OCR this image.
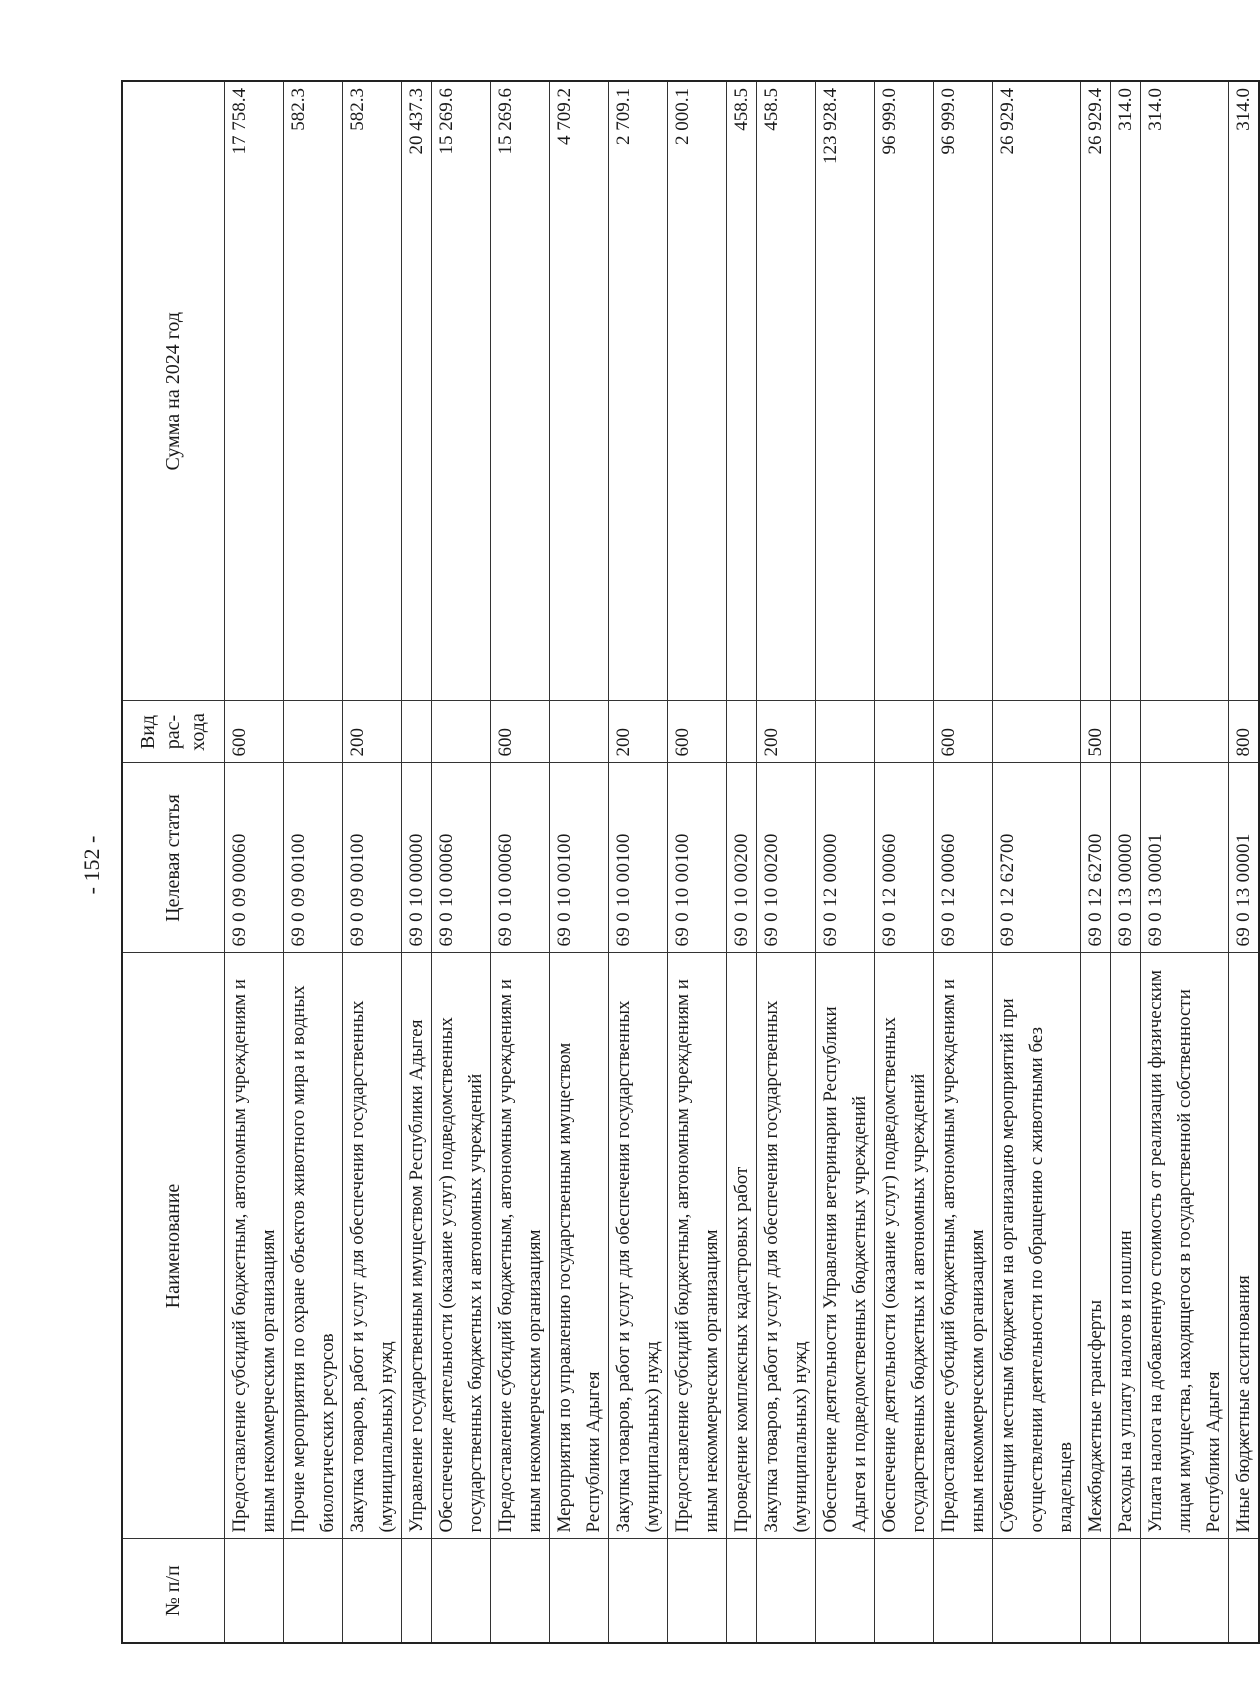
- 152 -
№ п/п	Наименование	Целевая статья	Вид рас-хода	Сумма на 2024 год
	Предоставление субсидий бюджетным, автономным учреждениям и иным некоммерческим организациям	69 0 09 00060	600	17 758.4
	Прочие мероприятия по охране объектов животного мира и водных биологических ресурсов	69 0 09 00100		582.3
	Закупка товаров, работ и услуг для обеспечения государственных (муниципальных) нужд	69 0 09 00100	200	582.3
	Управление государственным имуществом Республики Адыгея	69 0 10 00000		20 437.3
	Обеспечение деятельности (оказание услуг) подведомственных государственных бюджетных и автономных учреждений	69 0 10 00060		15 269.6
	Предоставление субсидий бюджетным, автономным учреждениям и иным некоммерческим организациям	69 0 10 00060	600	15 269.6
	Мероприятия по управлению государственным имуществом Республики Адыгея	69 0 10 00100		4 709.2
	Закупка товаров, работ и услуг для обеспечения государственных (муниципальных) нужд	69 0 10 00100	200	2 709.1
	Предоставление субсидий бюджетным, автономным учреждениям и иным некоммерческим организациям	69 0 10 00100	600	2 000.1
	Проведение комплексных кадастровых работ	69 0 10 00200		458.5
	Закупка товаров, работ и услуг для обеспечения государственных (муниципальных) нужд	69 0 10 00200	200	458.5
	Обеспечение деятельности Управления ветеринарии Республики Адыгея и подведомственных бюджетных учреждений	69 0 12 00000		123 928.4
	Обеспечение деятельности (оказание услуг) подведомственных государственных бюджетных и автономных учреждений	69 0 12 00060		96 999.0
	Предоставление субсидий бюджетным, автономным учреждениям и иным некоммерческим организациям	69 0 12 00060	600	96 999.0
	Субвенции местным бюджетам на организацию мероприятий при осуществлении деятельности по обращению с животными без владельцев	69 0 12 62700		26 929.4
	Межбюджетные трансферты	69 0 12 62700	500	26 929.4
	Расходы на уплату налогов и пошлин	69 0 13 00000		314.0
	Уплата налога на добавленную стоимость от реализации физическим лицам имущества, находящегося в государственной собственности Республики Адыгея	69 0 13 00001		314.0
	Иные бюджетные ассигнования	69 0 13 00001	800	314.0
